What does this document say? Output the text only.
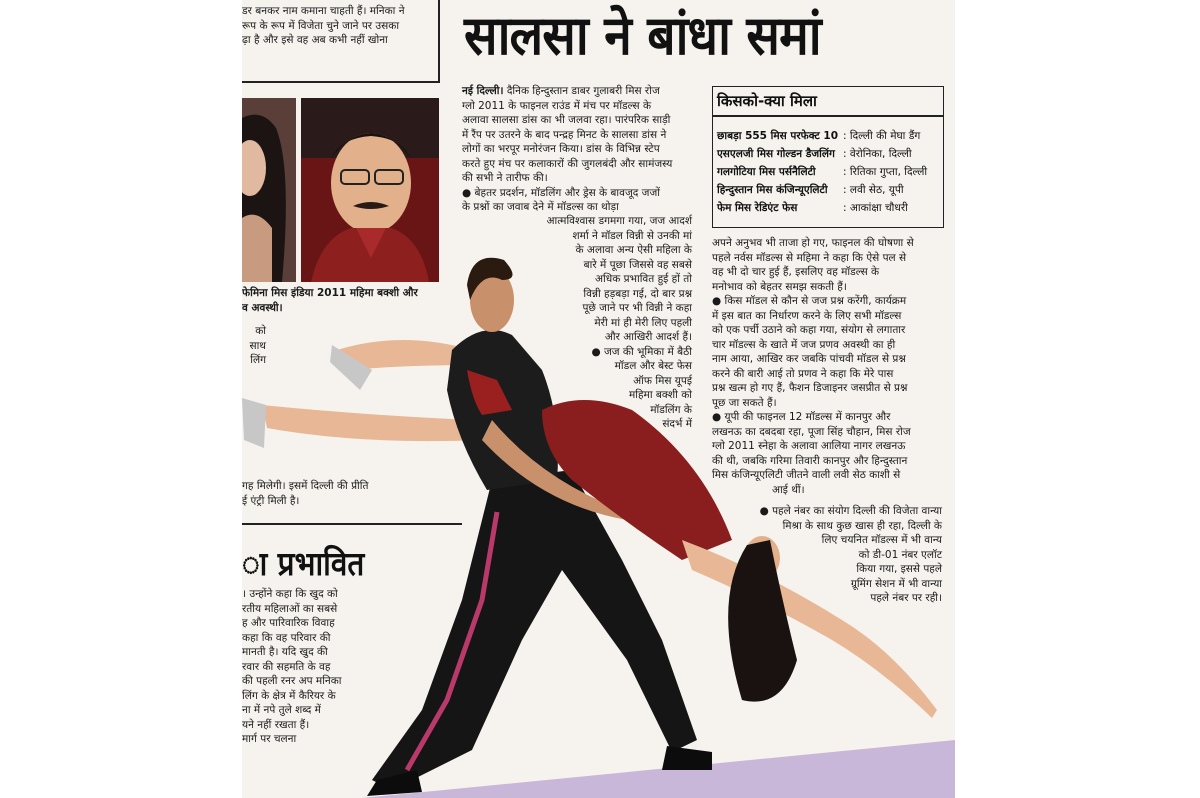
डर बनकर नाम कमाना चाहती हैं। मनिका ने
रूप के रूप में विजेता चुने जाने पर उसका
ढ़ा है और इसे वह अब कभी नहीं खोना	सालसा ने बांधा समां
फेमिना मिस इंडिया 2011 महिमा बक्शी और
व अवस्थी।
को
साथ
लिंग
गह मिलेगी। इसमें दिल्ली की प्रीति
ई एंट्री मिली है।
ा प्रभावित
। उन्होंने कहा कि खुद को
रतीय महिलाओं का सबसे
ह और पारिवारिक विवाह
कहा कि वह परिवार की
मानती है। यदि खुद की
रवार की सहमति के वह
की पहली रनर अप मनिका
लिंग के क्षेत्र में कैरियर के
ना में नपे तुले शब्द में
यने नहीं रखता हैं।
मार्ग पर चलना
नई दिल्ली। दैनिक हिन्दुस्तान डाबर गुलाबरी मिस रोज
ग्लो 2011 के फाइनल राउंड में मंच पर मॉडल्स के
अलावा सालसा डांस का भी जलवा रहा। पारंपरिक साड़ी
में रैंप पर उतरने के बाद पन्द्रह मिनट के सालसा डांस ने
लोगों का भरपूर मनोरंजन किया। डांस के विभिन्न स्टेप
करते हुए मंच पर कलाकारों की जुगलबंदी और सामंजस्य
की सभी ने तारीफ की।
● बेहतर प्रदर्शन, मॉडलिंग और ड्रेस के बावजूद जजों
के प्रश्नों का जवाब देने में मॉडल्स का थोड़ा
आत्मविश्वास डगमगा गया, जज आदर्श
शर्मा ने मॉडल विन्नी से उनकी मां
के अलावा अन्य ऐसी महिला के
बारे में पूछा जिससे वह सबसे
अधिक प्रभावित हुई हों तो
विन्नी हड़बड़ा गई, दो बार प्रश्न
पूछे जाने पर भी विन्नी ने कहा
मेरी मां ही मेरी लिए पहली
और आखिरी आदर्श हैं।
● जज की भूमिका में बैठी
मॉडल और बेस्ट फेस
ऑफ मिस यूपई
महिमा बक्शी को
मॉडलिंग के
संदर्भ में
किसको-क्या मिला
छाबड़ा 555 मिस परफेक्ट 10 : दिल्ली की मेघा डैंग
एसएलजी मिस गोल्डन डैजलिंग : वेरोनिका, दिल्ली
गलगोटिया मिस पर्सनैलिटी	: रितिका गुप्ता, दिल्ली
हिन्दुस्तान मिस कंजिन्यूएलिटी : लवी सेठ, यूपी
फेम मिस रेडिएंट फेस	: आकांक्षा चौधरी
अपने अनुभव भी ताजा हो गए, फाइनल की घोषणा से
पहले नर्वस मॉडल्स से महिमा ने कहा कि ऐसे पल से
वह भी दो चार हुई हैं, इसलिए वह मॉडल्स के
मनोभाव को बेहतर समझ सकती हैं।
● किस मॉडल से कौन से जज प्रश्न करेंगी, कार्यक्रम
में इस बात का निर्धारण करने के लिए सभी मॉडल्स
को एक पर्ची उठाने को कहा गया, संयोग से लगातार
चार मॉडल्स के खाते में जज प्रणव अवस्थी का ही
नाम आया, आखिर कर जबकि पांचवी मॉडल से प्रश्न
करने की बारी आई तो प्रणव ने कहा कि मेरे पास
प्रश्न खत्म हो गए हैं, फैशन डिजाइनर जसप्रीत से प्रश्न
पूछ जा सकते हैं।
● यूपी की फाइनल 12 मॉडल्स में कानपुर और
लखनऊ का दबदबा रहा, पूजा सिंह चौहान, मिस रोज
ग्लो 2011 स्नेहा के अलावा आलिया नागर लखनऊ
की थी, जबकि गरिमा तिवारी कानपुर और हिन्दुस्तान
मिस कंजिन्यूएलिटी जीतने वाली लवी सेठ काशी से
आई थीं।
● पहले नंबर का संयोग दिल्ली की विजेता वान्या
मिश्रा के साथ कुछ खास ही रहा, दिल्ली के
लिए चयनित मॉडल्स में भी वान्य
को डी-01 नंबर एलॉट
किया गया, इससे पहले
ग्रूमिंग सेशन में भी वान्या
पहले नंबर पर रही।
